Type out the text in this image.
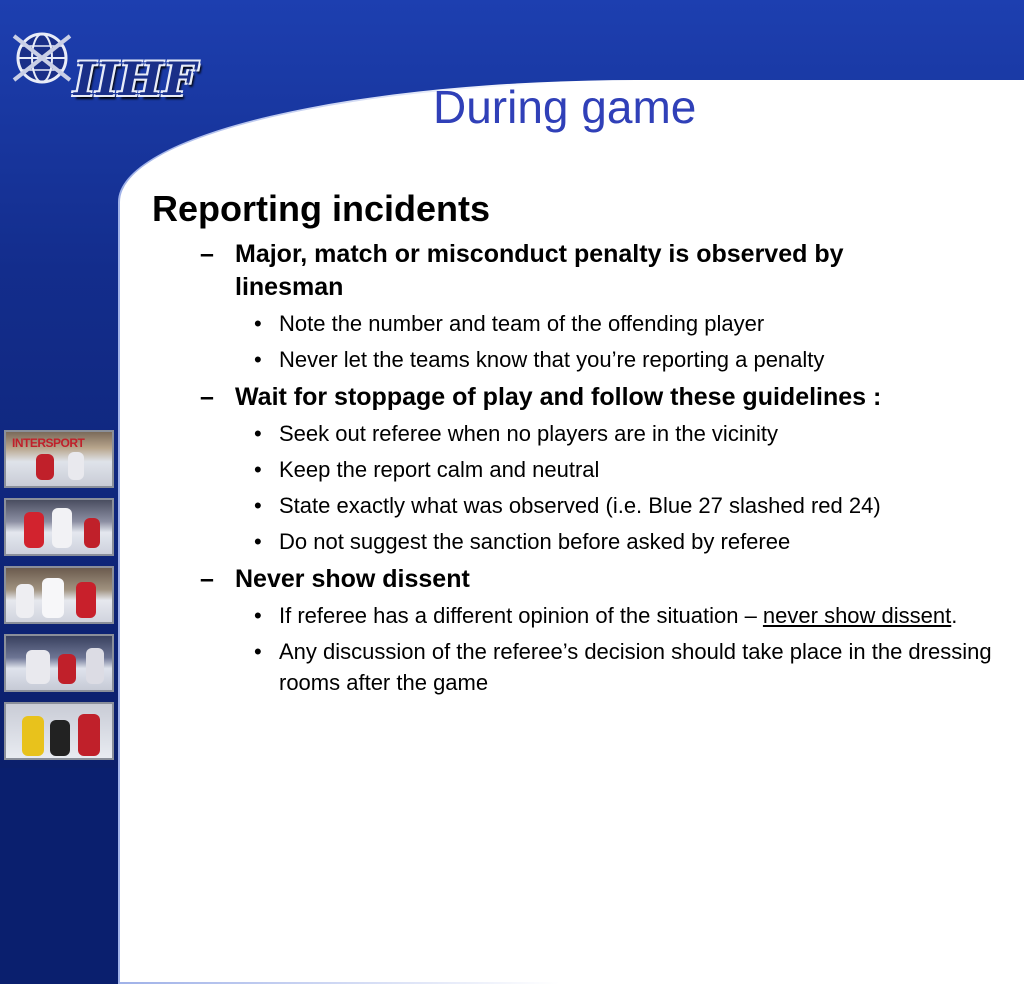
IIHF
During game
INTERSPORT
Reporting incidents
– Major, match or misconduct penalty is observed by linesman
• Note the number and team of the offending player
• Never let the teams know that you’re reporting a penalty
– Wait for stoppage of play and follow these guidelines :
• Seek out referee when no players are in the vicinity
• Keep the report calm and neutral
• State exactly what was observed (i.e. Blue 27 slashed red 24)
• Do not suggest the sanction before asked by referee
– Never show dissent
• If referee has a different opinion of the situation – never show dissent.
• Any discussion of the referee’s decision should take place in the dressing rooms after the game
